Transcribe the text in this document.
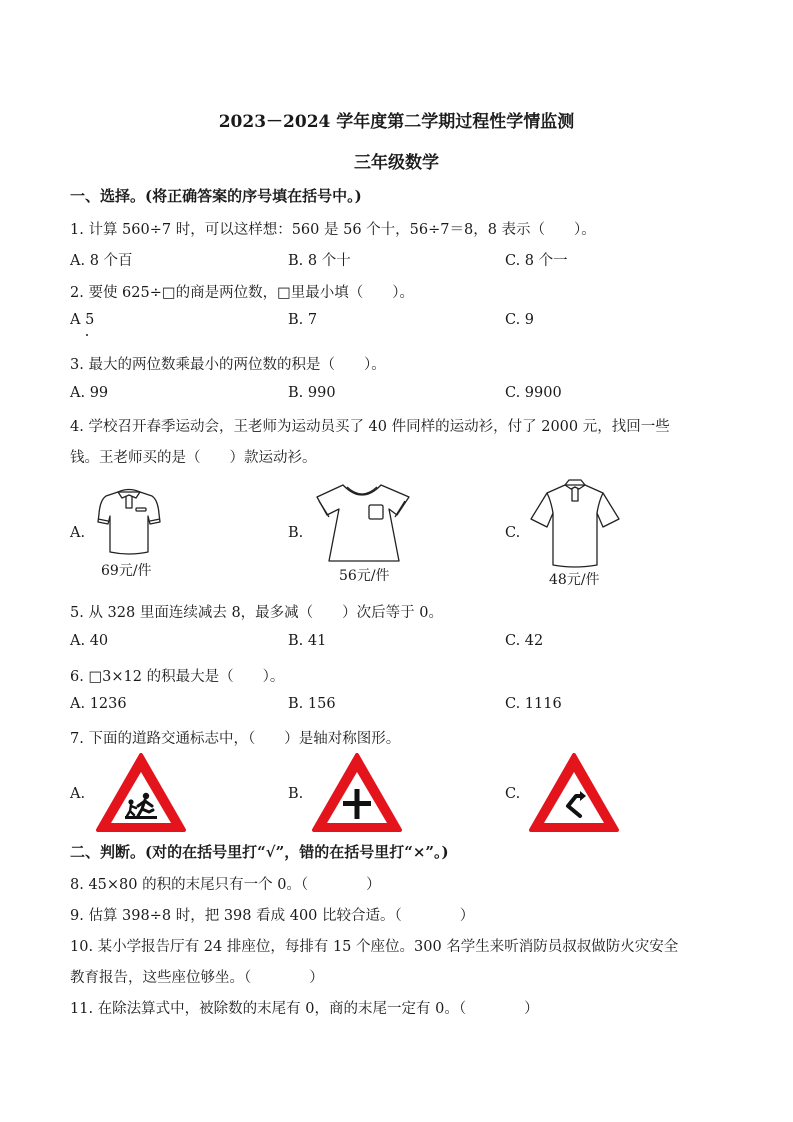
2023－2024 学年度第二学期过程性学情监测
三年级数学
一、选择。(将正确答案的序号填在括号中。)
1. 计算 560÷7 时，可以这样想：560 是 56 个十，56÷7＝8，8 表示（　　）。
A. 8 个百	B. 8 个十	C. 8 个一
2. 要使 625÷□的商是两位数，□里最小填（　　）。
A 5	B. 7	C. 9
3. 最大的两位数乘最小的两位数的积是（　　）。
A. 99	B. 990	C. 9900
4. 学校召开春季运动会，王老师为运动员买了 40 件同样的运动衫，付了 2000 元，找回一些
钱。王老师买的是（　　）款运动衫。
A.
69元/件
B.
56元/件
C.
48元/件
5. 从 328 里面连续减去 8，最多减（　　）次后等于 0。
A. 40	B. 41	C. 42
6. □3×12 的积最大是（　　）。
A. 1236	B. 156	C. 1116
7. 下面的道路交通标志中，（　　）是轴对称图形。
A.	B.	C.
二、判断。(对的在括号里打“√”，错的在括号里打“×”。)
8. 45×80 的积的末尾只有一个 0。（　　　　）
9. 估算 398÷8 时，把 398 看成 400 比较合适。（　　　　）
10. 某小学报告厅有 24 排座位，每排有 15 个座位。300 名学生来听消防员叔叔做防火灾安全
教育报告，这些座位够坐。（　　　　）
11. 在除法算式中，被除数的末尾有 0，商的末尾一定有 0。（　　　　）
